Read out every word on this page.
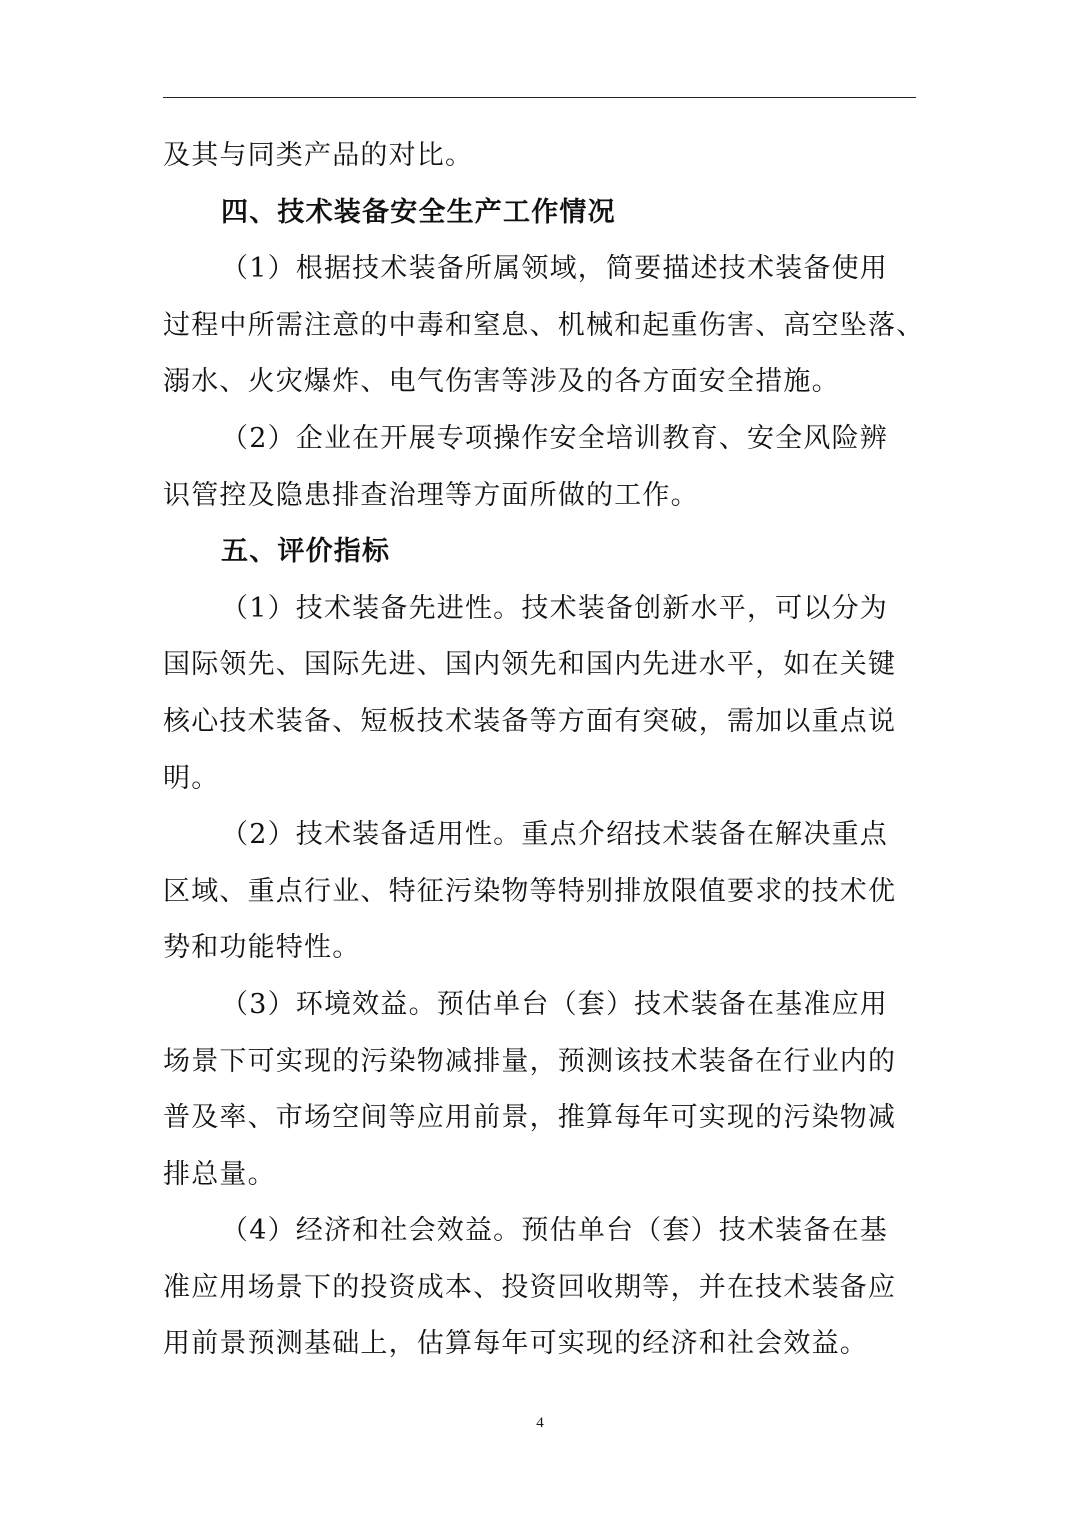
及其与同类产品的对比。
四、技术装备安全生产工作情况
（1）根据技术装备所属领域，简要描述技术装备使用
过程中所需注意的中毒和窒息、机械和起重伤害、高空坠落、
溺水、火灾爆炸、电气伤害等涉及的各方面安全措施。
（2）企业在开展专项操作安全培训教育、安全风险辨
识管控及隐患排查治理等方面所做的工作。
五、评价指标
（1）技术装备先进性。技术装备创新水平，可以分为
国际领先、国际先进、国内领先和国内先进水平，如在关键
核心技术装备、短板技术装备等方面有突破，需加以重点说
明。
（2）技术装备适用性。重点介绍技术装备在解决重点
区域、重点行业、特征污染物等特别排放限值要求的技术优
势和功能特性。
（3）环境效益。预估单台（套）技术装备在基准应用
场景下可实现的污染物减排量，预测该技术装备在行业内的
普及率、市场空间等应用前景，推算每年可实现的污染物减
排总量。
（4）经济和社会效益。预估单台（套）技术装备在基
准应用场景下的投资成本、投资回收期等，并在技术装备应
用前景预测基础上，估算每年可实现的经济和社会效益。
4
